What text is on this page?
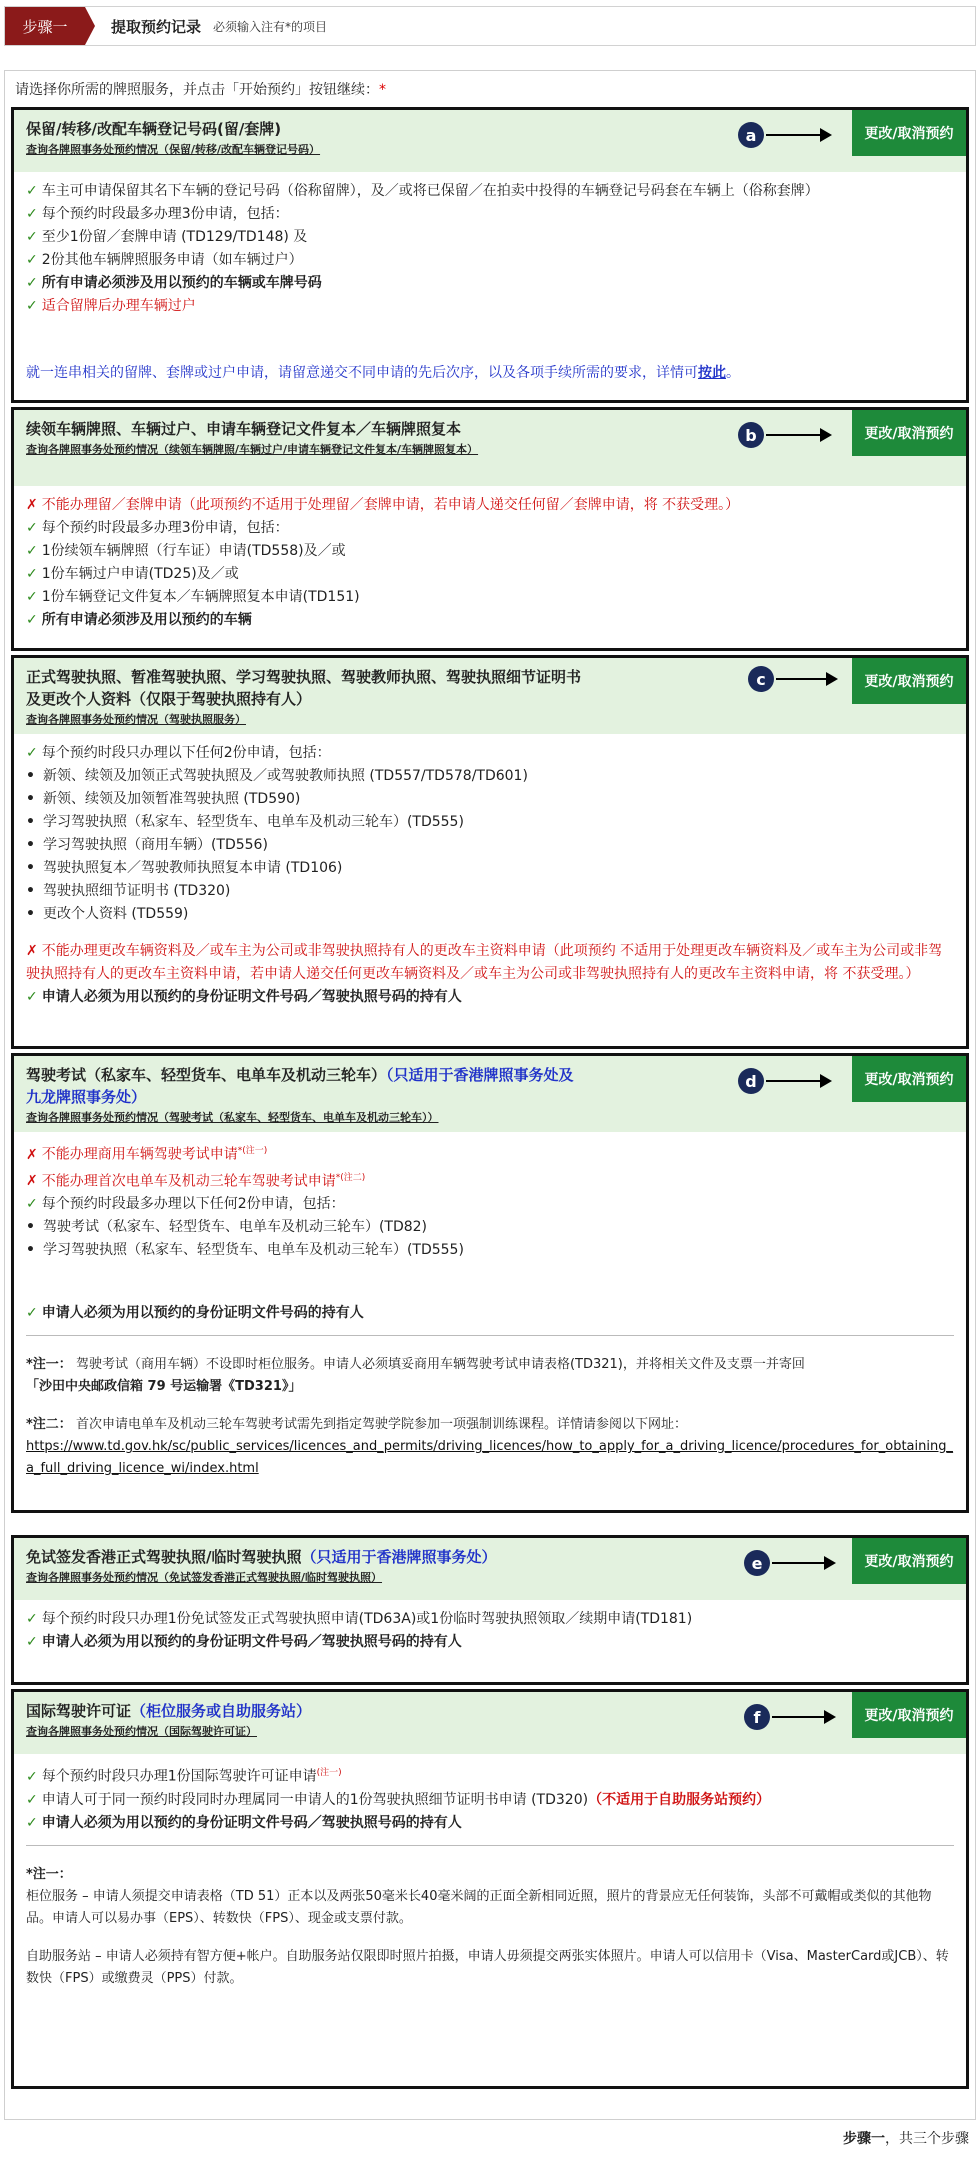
步骤一	提取预约记录 必须输入注有*的项目
请选择你所需的牌照服务，并点击「开始预约」按钮继续：*
保留/转移/改配车辆登记号码(留/套牌)
查询各牌照事务处预约情况（保留/转移/改配车辆登记号码）
a	更改/取消预约
✓ 车主可申请保留其名下车辆的登记号码（俗称留牌），及／或将已保留／在拍卖中投得的车辆登记号码套在车辆上（俗称套牌）
✓ 每个预约时段最多办理3份申请，包括：
✓ 至少1份留／套牌申请 (TD129/TD148) 及
✓ 2份其他车辆牌照服务申请（如车辆过户）
✓ 所有申请必须涉及用以预约的车辆或车牌号码
✓ 适合留牌后办理车辆过户
就一连串相关的留牌、套牌或过户申请，请留意递交不同申请的先后次序，以及各项手续所需的要求，详情可按此。
续领车辆牌照、车辆过户、申请车辆登记文件复本／车辆牌照复本
查询各牌照事务处预约情况（续领车辆牌照/车辆过户/申请车辆登记文件复本/车辆牌照复本）
b	更改/取消预约
✗ 不能办理留／套牌申请（此项预约不适用于处理留／套牌申请，若申请人递交任何留／套牌申请，将 不获受理。）
✓ 每个预约时段最多办理3份申请，包括：
✓ 1份续领车辆牌照（行车证）申请(TD558)及／或
✓ 1份车辆过户申请(TD25)及／或
✓ 1份车辆登记文件复本／车辆牌照复本申请(TD151)
✓ 所有申请必须涉及用以预约的车辆
正式驾驶执照、暂准驾驶执照、学习驾驶执照、驾驶教师执照、驾驶执照细节证明书及更改个人资料（仅限于驾驶执照持有人）
查询各牌照事务处预约情况（驾驶执照服务）
c	更改/取消预约
✓ 每个预约时段只办理以下任何2份申请，包括：
• 新领、续领及加领正式驾驶执照及／或驾驶教师执照 (TD557/TD578/TD601)
• 新领、续领及加领暂准驾驶执照 (TD590)
• 学习驾驶执照（私家车、轻型货车、电单车及机动三轮车）(TD555)
• 学习驾驶执照（商用车辆）(TD556)
• 驾驶执照复本／驾驶教师执照复本申请 (TD106)
• 驾驶执照细节证明书 (TD320)
• 更改个人资料 (TD559)
✗ 不能办理更改车辆资料及／或车主为公司或非驾驶执照持有人的更改车主资料申请（此项预约 不适用于处理更改车辆资料及／或车主为公司或非驾驶执照持有人的更改车主资料申请，若申请人递交任何更改车辆资料及／或车主为公司或非驾驶执照持有人的更改车主资料申请，将 不获受理。）
✓ 申请人必须为用以预约的身份证明文件号码／驾驶执照号码的持有人
驾驶考试（私家车、轻型货车、电单车及机动三轮车）（只适用于香港牌照事务处及九龙牌照事务处）
查询各牌照事务处预约情况（驾驶考试（私家车、轻型货车、电单车及机动三轮车））
d	更改/取消预约
✗ 不能办理商用车辆驾驶考试申请$^{*(注一)}$
✗ 不能办理首次电单车及机动三轮车驾驶考试申请$^{*(注二)}$
✓ 每个预约时段最多办理以下任何2份申请，包括：
• 驾驶考试（私家车、轻型货车、电单车及机动三轮车）(TD82)
• 学习驾驶执照（私家车、轻型货车、电单车及机动三轮车）(TD555)
✓ 申请人必须为用以预约的身份证明文件号码的持有人
*注一： 驾驶考试（商用车辆）不设即时柜位服务。申请人必须填妥商用车辆驾驶考试申请表格(TD321)，并将相关文件及支票一并寄回
「沙田中央邮政信箱 79 号运输署《TD321》」
*注二： 首次申请电单车及机动三轮车驾驶考试需先到指定驾驶学院参加一项强制训练课程。详情请参阅以下网址：
https://www.td.gov.hk/sc/public_services/licences_and_permits/driving_licences/how_to_apply_for_a_driving_licence/procedures_for_obtaining_a_full_driving_licence_wi/index.html
免试签发香港正式驾驶执照/临时驾驶执照（只适用于香港牌照事务处）
查询各牌照事务处预约情况（免试签发香港正式驾驶执照/临时驾驶执照）
e	更改/取消预约
✓ 每个预约时段只办理1份免试签发正式驾驶执照申请(TD63A)或1份临时驾驶执照领取／续期申请(TD181)
✓ 申请人必须为用以预约的身份证明文件号码／驾驶执照号码的持有人
国际驾驶许可证（柜位服务或自助服务站）
查询各牌照事务处预约情况（国际驾驶许可证）
f	更改/取消预约
✓ 每个预约时段只办理1份国际驾驶许可证申请$^{(注一)}$
✓ 申请人可于同一预约时段同时办理属同一申请人的1份驾驶执照细节证明书申请 (TD320)（不适用于自助服务站预约）
✓ 申请人必须为用以预约的身份证明文件号码／驾驶执照号码的持有人
*注一：
柜位服务 – 申请人须提交申请表格（TD 51）正本以及两张50毫米长40毫米阔的正面全新相同近照，照片的背景应无任何装饰，头部不可戴帽或类似的其他物品。申请人可以易办事（EPS）、转数快（FPS）、现金或支票付款。
自助服务站 – 申请人必须持有智方便+帐户。自助服务站仅限即时照片拍摄，申请人毋须提交两张实体照片。申请人可以信用卡（Visa、MasterCard或JCB）、转数快（FPS）或缴费灵（PPS）付款。
步骤一，共三个步骤
